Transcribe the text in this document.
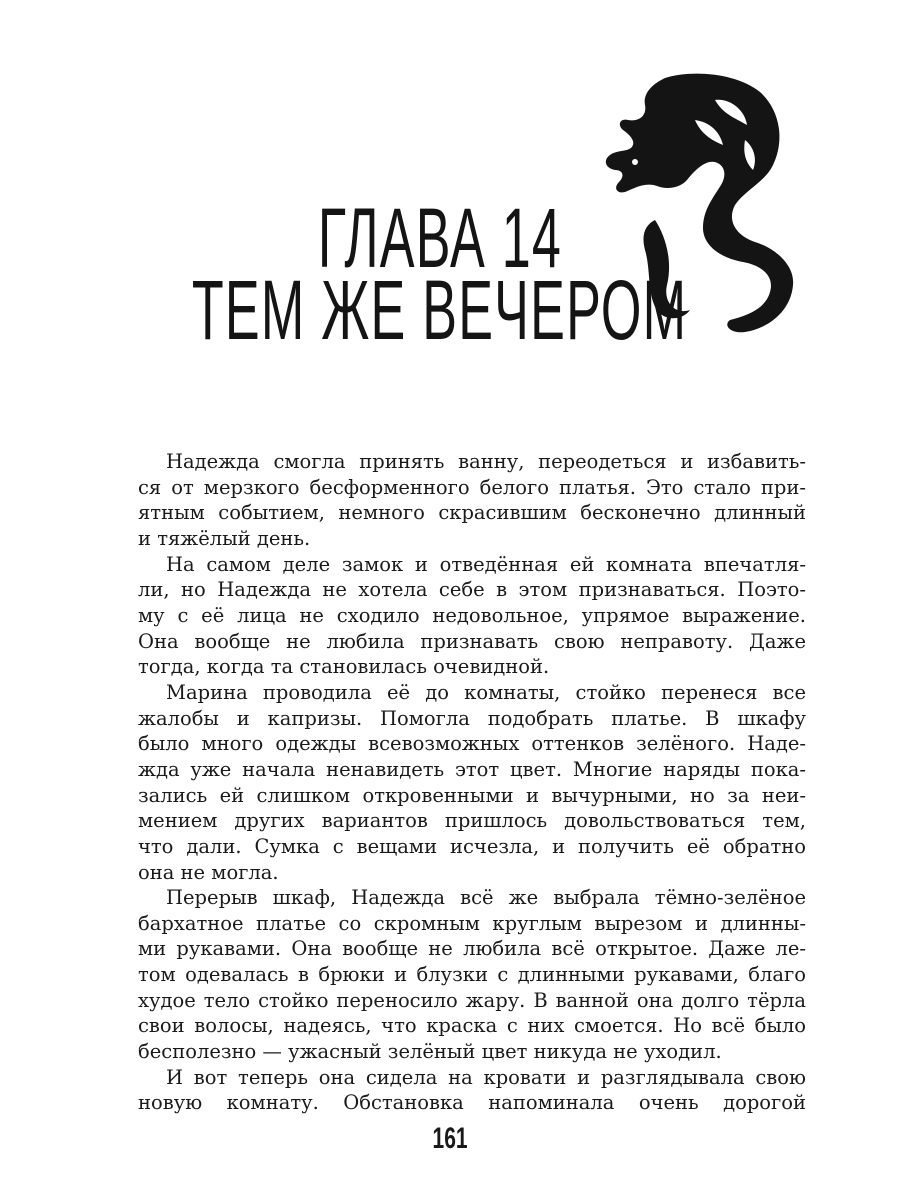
ГЛАВА 14
ТЕМ ЖЕ ВЕЧЕРОМ
Надежда смогла принять ванну, переодеться и избавить-
ся от мерзкого бесформенного белого платья. Это стало при-
ятным событием, немного скрасившим бесконечно длинный
и тяжёлый день.
На самом деле замок и отведённая ей комната впечатля-
ли, но Надежда не хотела себе в этом признаваться. Поэто-
му с её лица не сходило недовольное, упрямое выражение.
Она вообще не любила признавать свою неправоту. Даже
тогда, когда та становилась очевидной.
Марина проводила её до комнаты, стойко перенеся все
жалобы и капризы. Помогла подобрать платье. В шкафу
было много одежды всевозможных оттенков зелёного. Наде-
жда уже начала ненавидеть этот цвет. Многие наряды пока-
зались ей слишком откровенными и вычурными, но за неи-
мением других вариантов пришлось довольствоваться тем,
что дали. Сумка с вещами исчезла, и получить её обратно
она не могла.
Перерыв шкаф, Надежда всё же выбрала тёмно-зелёное
бархатное платье со скромным круглым вырезом и длинны-
ми рукавами. Она вообще не любила всё открытое. Даже ле-
том одевалась в брюки и блузки с длинными рукавами, благо
худое тело стойко переносило жару. В ванной она долго тёрла
свои волосы, надеясь, что краска с них смоется. Но всё было
бесполезно — ужасный зелёный цвет никуда не уходил.
И вот теперь она сидела на кровати и разглядывала свою
новую комнату. Обстановка напоминала очень дорогой
161
